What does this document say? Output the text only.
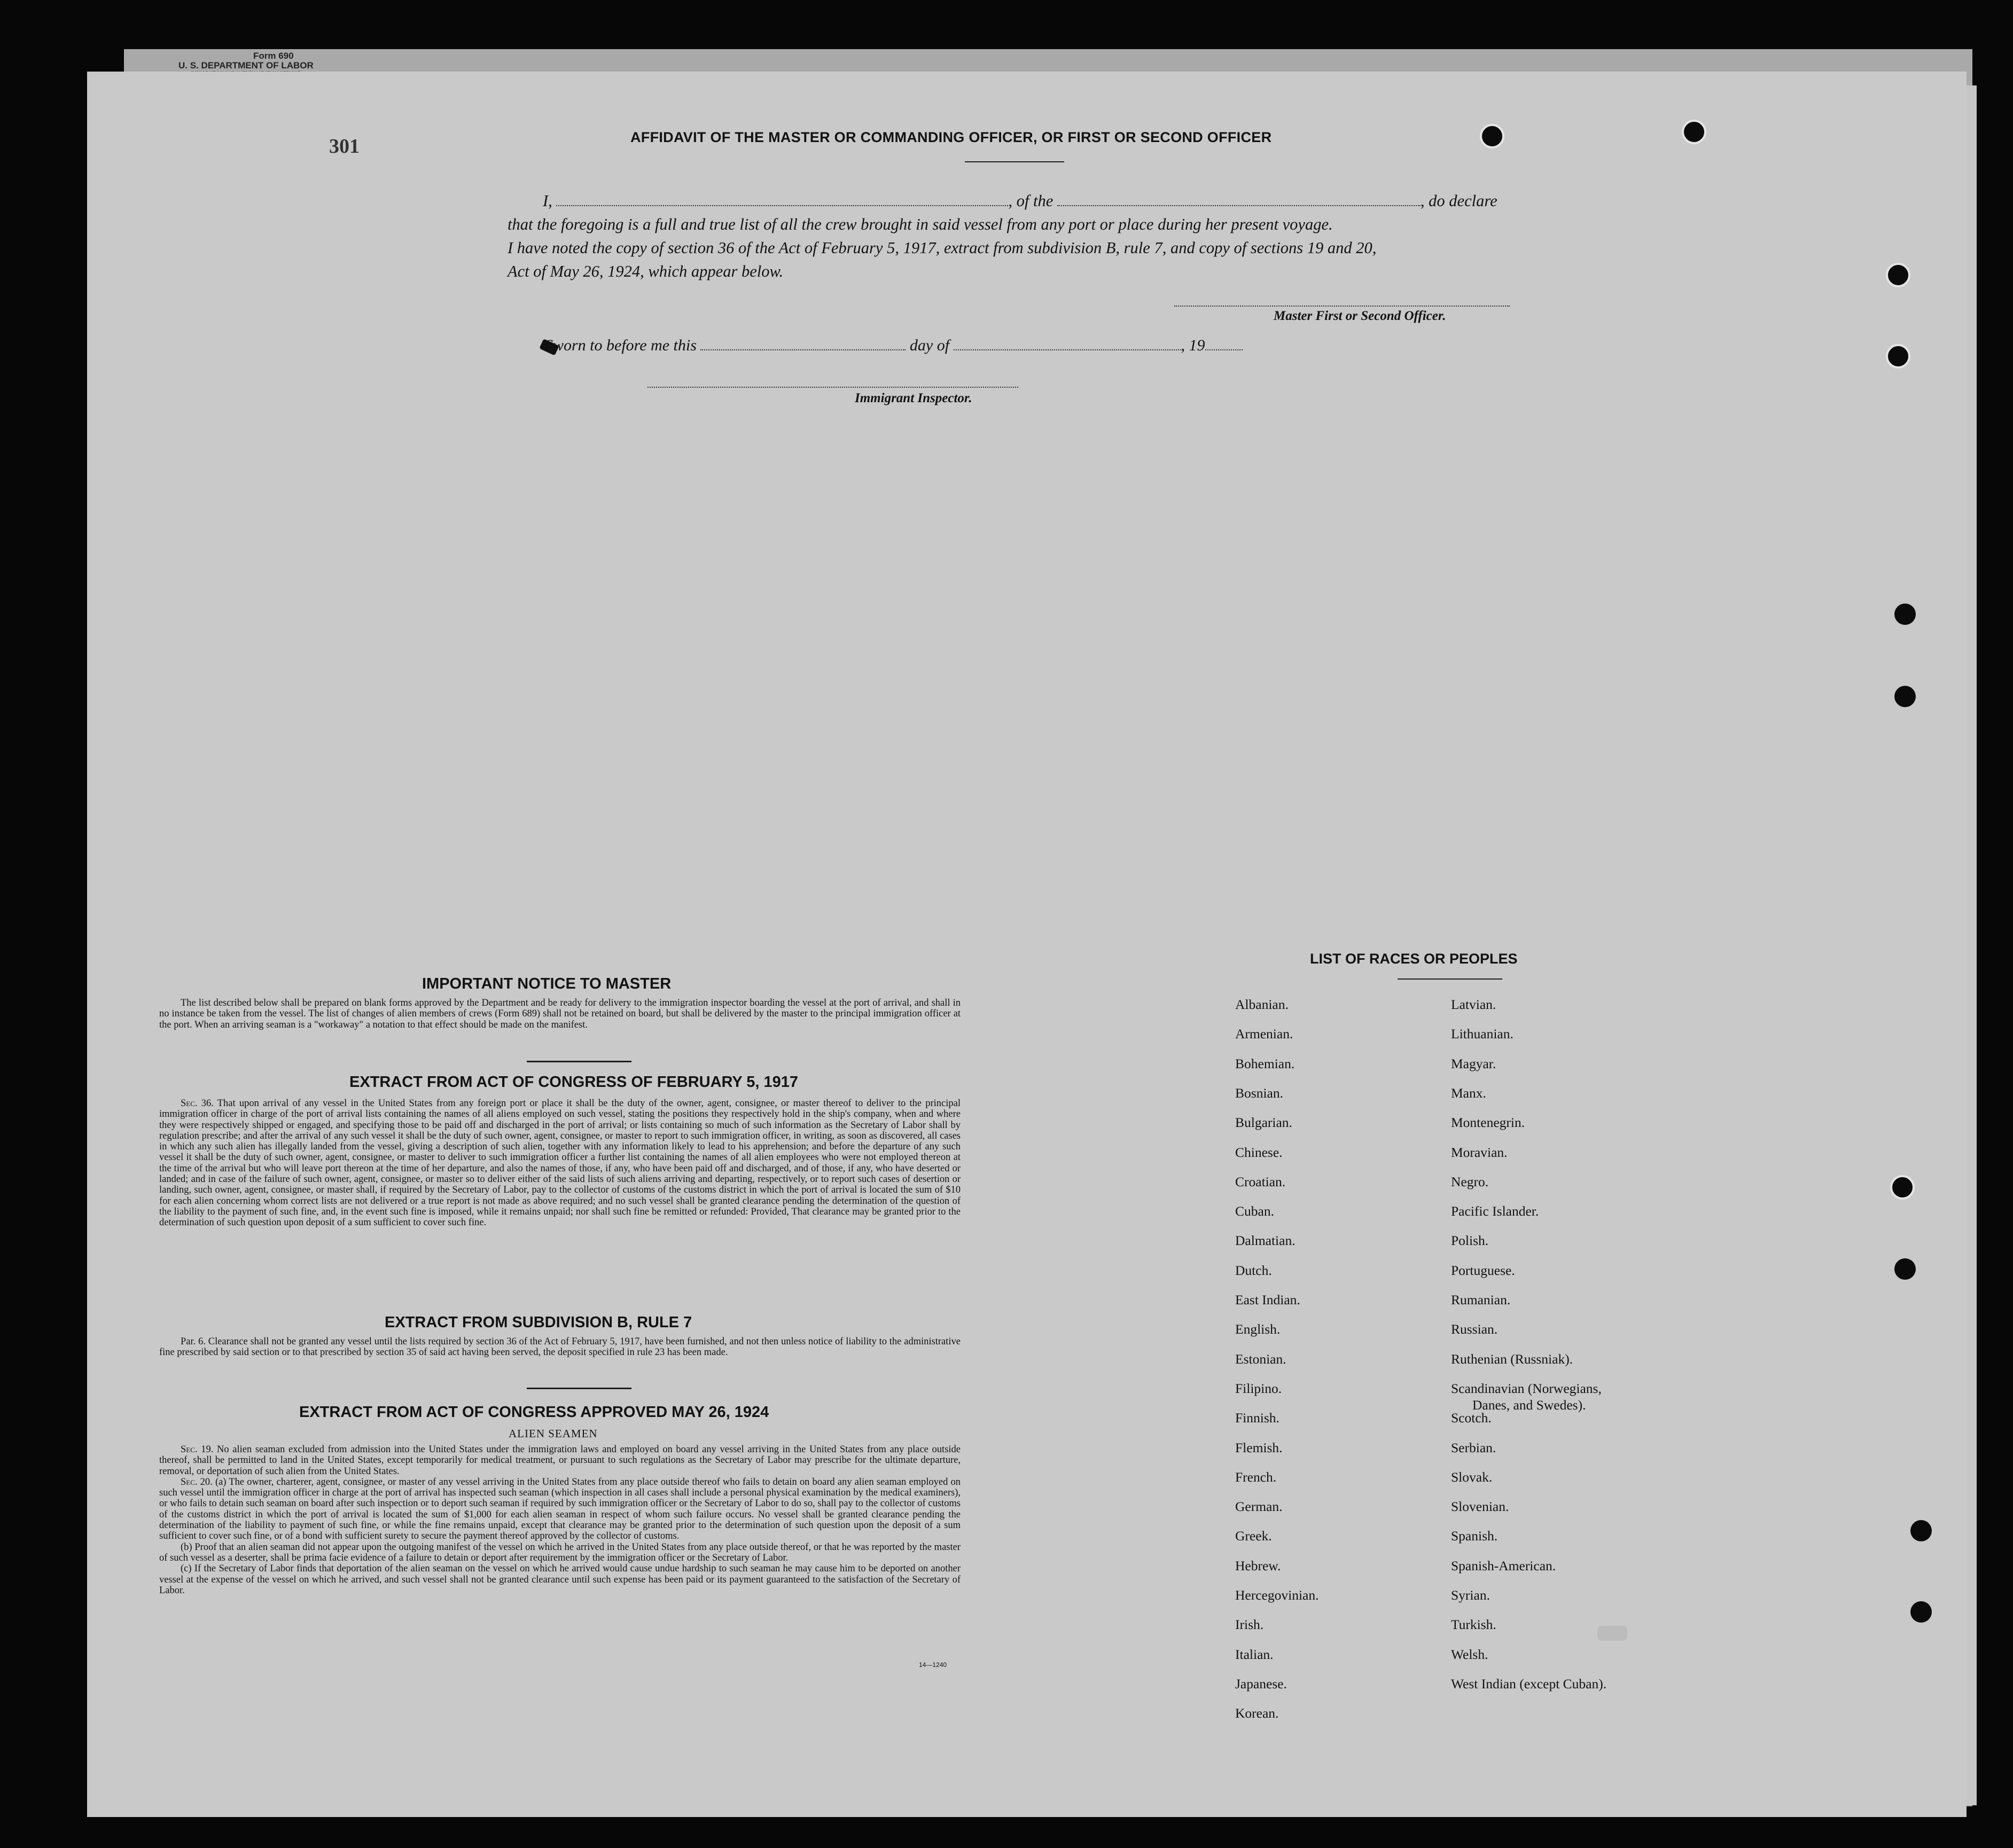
Form 690
U. S. DEPARTMENT OF LABOR
301	AFFIDAVIT OF THE MASTER OR COMMANDING OFFICER, OR FIRST OR SECOND OFFICER
I,	, of the	, do declare
that the foregoing is a full and true list of all the crew brought in said vessel from any port or place during her present voyage.
I have noted the copy of section 36 of the Act of February 5, 1917, extract from subdivision B, rule 7, and copy of sections 19 and 20,
Act of May 26, 1924, which appear below.
Master First or Second Officer.
Sworn to before me this	day of	, 19
Immigrant Inspector.
IMPORTANT NOTICE TO MASTER

The list described below shall be prepared on blank forms approved by the Department and be ready for delivery to the immigration inspector boarding the vessel at the port of arrival, and shall in no instance be taken from the vessel. The list of changes of alien members of crews (Form 689) shall not be retained on board, but shall be delivered by the master to the principal immigration officer at the port. When an arriving seaman is a "workaway" a notation to that effect should be made on the manifest.

EXTRACT FROM ACT OF CONGRESS OF FEBRUARY 5, 1917

Sec. 36. That upon arrival of any vessel in the United States from any foreign port or place it shall be the duty of the owner, agent, consignee, or master thereof to deliver to the principal immigration officer in charge of the port of arrival lists containing the names of all aliens employed on such vessel, stating the positions they respectively hold in the ship's company, when and where they were respectively shipped or engaged, and specifying those to be paid off and discharged in the port of arrival; or lists containing so much of such information as the Secretary of Labor shall by regulation prescribe; and after the arrival of any such vessel it shall be the duty of such owner, agent, consignee, or master to report to such immigration officer, in writing, as soon as discovered, all cases in which any such alien has illegally landed from the vessel, giving a description of such alien, together with any information likely to lead to his apprehension; and before the departure of any such vessel it shall be the duty of such owner, agent, consignee, or master to deliver to such immigration officer a further list containing the names of all alien employees who were not employed thereon at the time of the arrival but who will leave port thereon at the time of her departure, and also the names of those, if any, who have been paid off and discharged, and of those, if any, who have deserted or landed; and in case of the failure of such owner, agent, consignee, or master so to deliver either of the said lists of such aliens arriving and departing, respectively, or to report such cases of desertion or landing, such owner, agent, consignee, or master shall, if required by the Secretary of Labor, pay to the collector of customs of the customs district in which the port of arrival is located the sum of $10 for each alien concerning whom correct lists are not delivered or a true report is not made as above required; and no such vessel shall be granted clearance pending the determination of the question of the liability to the payment of such fine, and, in the event such fine is imposed, while it remains unpaid; nor shall such fine be remitted or refunded: Provided, That clearance may be granted prior to the determination of such question upon deposit of a sum sufficient to cover such fine.

EXTRACT FROM SUBDIVISION B, RULE 7

Par. 6. Clearance shall not be granted any vessel until the lists required by section 36 of the Act of February 5, 1917, have been furnished, and not then unless notice of liability to the administrative fine prescribed by said section or to that prescribed by section 35 of said act having been served, the deposit specified in rule 23 has been made.

EXTRACT FROM ACT OF CONGRESS APPROVED MAY 26, 1924
ALIEN SEAMEN

Sec. 19. No alien seaman excluded from admission into the United States under the immigration laws and employed on board any vessel arriving in the United States from any place outside thereof, shall be permitted to land in the United States, except temporarily for medical treatment, or pursuant to such regulations as the Secretary of Labor may prescribe for the ultimate departure, removal, or deportation of such alien from the United States.

Sec. 20. (a) The owner, charterer, agent, consignee, or master of any vessel arriving in the United States from any place outside thereof who fails to detain on board any alien seaman employed on such vessel until the immigration officer in charge at the port of arrival has inspected such seaman (which inspection in all cases shall include a personal physical examination by the medical examiners), or who fails to detain such seaman on board after such inspection or to deport such seaman if required by such immigration officer or the Secretary of Labor to do so, shall pay to the collector of customs of the customs district in which the port of arrival is located the sum of $1,000 for each alien seaman in respect of whom such failure occurs. No vessel shall be granted clearance pending the determination of the liability to payment of such fine, or while the fine remains unpaid, except that clearance may be granted prior to the determination of such question upon the deposit of a sum sufficient to cover such fine, or of a bond with sufficient surety to secure the payment thereof approved by the collector of customs.

(b) Proof that an alien seaman did not appear upon the outgoing manifest of the vessel on which he arrived in the United States from any place outside thereof, or that he was reported by the master of such vessel as a deserter, shall be prima facie evidence of a failure to detain or deport after requirement by the immigration officer or the Secretary of Labor.

(c) If the Secretary of Labor finds that deportation of the alien seaman on the vessel on which he arrived would cause undue hardship to such seaman he may cause him to be deported on another vessel at the expense of the vessel on which he arrived, and such vessel shall not be granted clearance until such expense has been paid or its payment guaranteed to the satisfaction of the Secretary of Labor.

14—1240
LIST OF RACES OR PEOPLES
Albanian.
Armenian.
Bohemian.
Bosnian.
Bulgarian.
Chinese.
Croatian.
Cuban.
Dalmatian.
Dutch.
East Indian.
English.
Estonian.
Filipino.
Finnish.
Flemish.
French.
German.
Greek.
Hebrew.
Hercegovinian.
Irish.
Italian.
Japanese.
Korean.
Latvian.
Lithuanian.
Magyar.
Manx.
Montenegrin.
Moravian.
Negro.
Pacific Islander.
Polish.
Portuguese.
Rumanian.
Russian.
Ruthenian (Russniak).
Scandinavian (Norwegians,
Danes, and Swedes).
Scotch.
Serbian.
Slovak.
Slovenian.
Spanish.
Spanish-American.
Syrian.
Turkish.
Welsh.
West Indian (except Cuban).
